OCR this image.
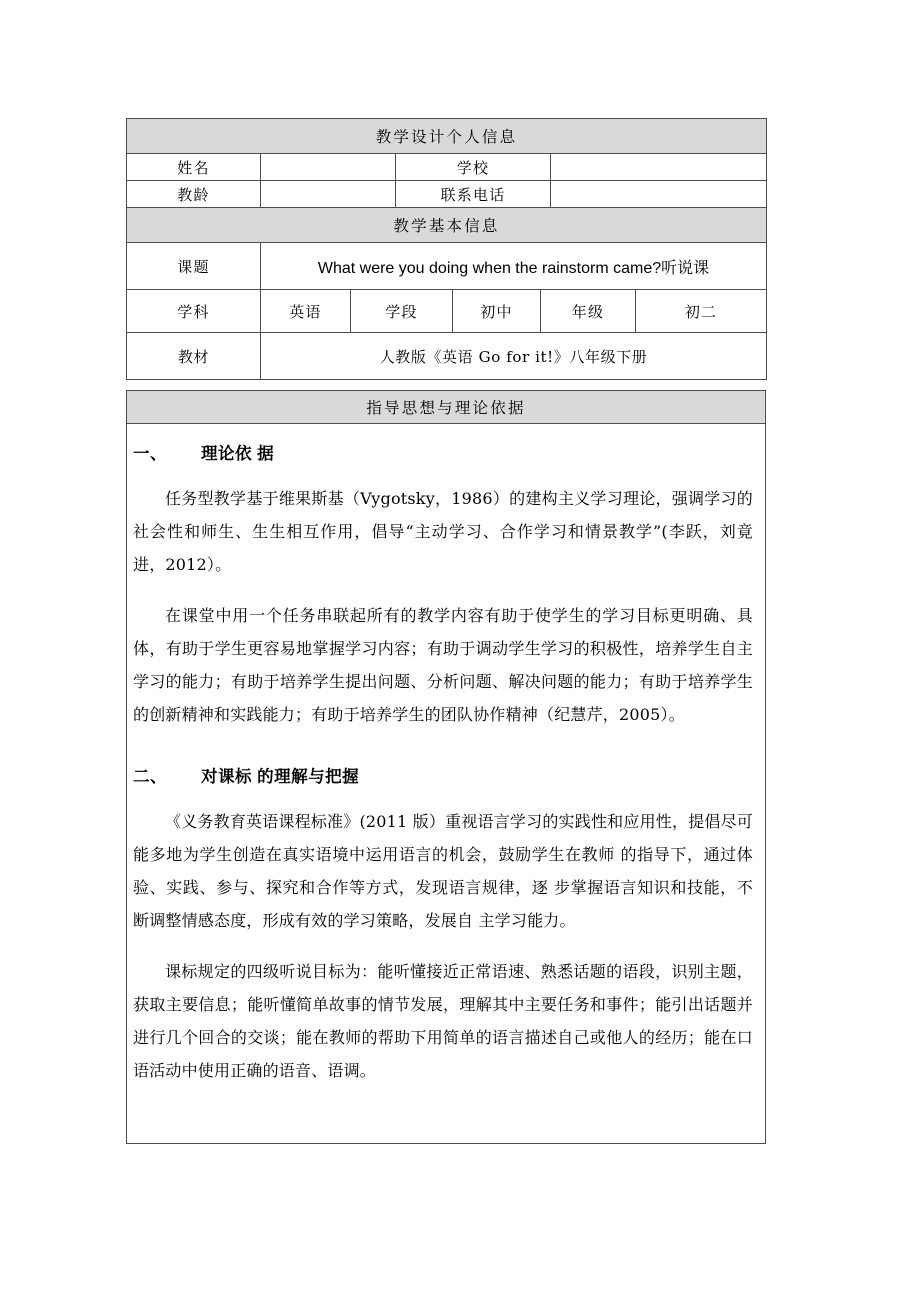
教学设计个人信息			
姓名		学校	
教龄		联系电话	
教学基本信息			
课题	What were you doing when the rainstorm came?听说课				
学科	英语	学段	初中	年级	初二
教材	人教版《英语 Go for it!》八年级下册				
指导思想与理论依据
一、 理论依 据

任务型教学基于维果斯基（Vygotsky，1986）的建构主义学习理论，强调学习的社会性和师生、生生相互作用，倡导“主动学习、合作学习和情景教学”(李跃，刘竟进，2012）。

在课堂中用一个任务串联起所有的教学内容有助于使学生的学习目标更明确、具体，有助于学生更容易地掌握学习内容；有助于调动学生学习的积极性，培养学生自主学习的能力；有助于培养学生提出问题、分析问题、解决问题的能力；有助于培养学生的创新精神和实践能力；有助于培养学生的团队协作精神（纪慧芹，2005）。

二、 对课标 的理解与把握

《义务教育英语课程标准》(2011 版）重视语言学习的实践性和应用性，提倡尽可能多地为学生创造在真实语境中运用语言的机会，鼓励学生在教师 的指导下，通过体验、实践、参与、探究和合作等方式，发现语言规律，逐 步掌握语言知识和技能，不断调整情感态度，形成有效的学习策略，发展自 主学习能力。

课标规定的四级听说目标为：能听懂接近正常语速、熟悉话题的语段，识别主题，获取主要信息；能听懂简单故事的情节发展，理解其中主要任务和事件；能引出话题并进行几个回合的交谈；能在教师的帮助下用简单的语言描述自己或他人的经历；能在口语活动中使用正确的语音、语调。
